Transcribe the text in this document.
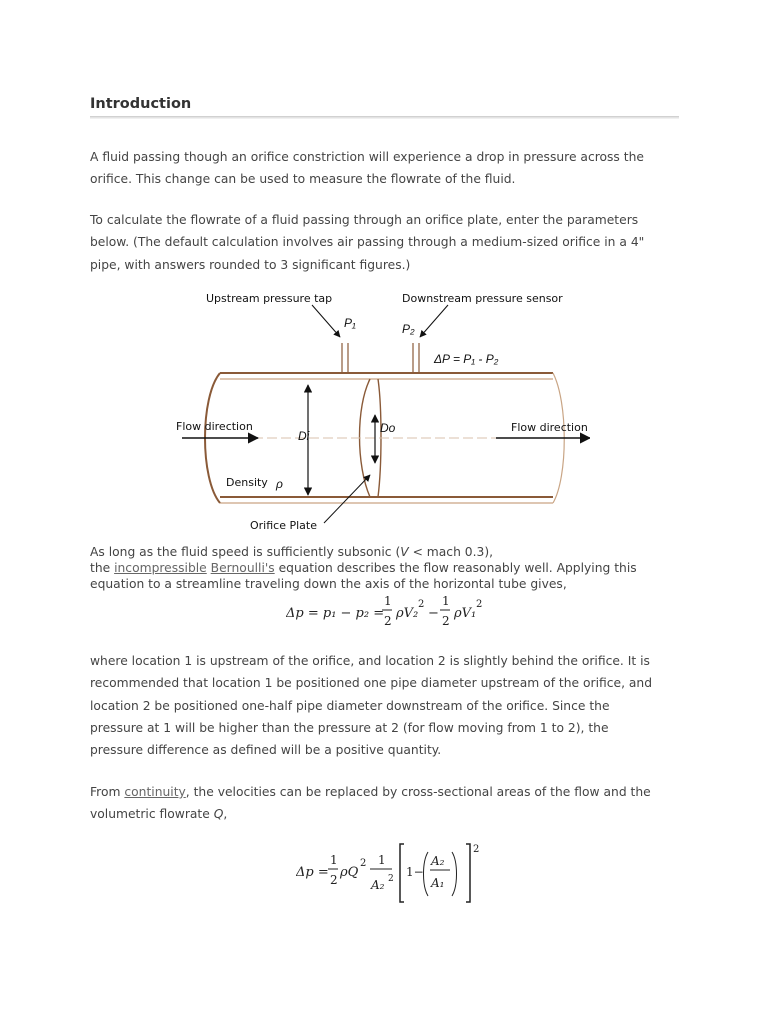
Introduction

A fluid passing though an orifice constriction will experience a drop in pressure across the
orifice. This change can be used to measure the flowrate of the fluid.

To calculate the flowrate of a fluid passing through an orifice plate, enter the parameters
below. (The default calculation involves air passing through a medium-sized orifice in a 4"
pipe, with answers rounded to 3 significant figures.)

Upstream pressure tap	Downstream pressure sensor
P₁	P₂
ΔP = P₁ - P₂
Flow direction	Flow direction
Di
Do
Density ρ
Orifice Plate

As long as the fluid speed is sufficiently subsonic (V < mach 0.3),
the incompressible Bernoulli's equation describes the flow reasonably well. Applying this
equation to a streamline traveling down the axis of the horizontal tube gives,

Δp = p₁ − p₂ =
1
2 ρV₂
2
−
1
2 ρV₁
2

where location 1 is upstream of the orifice, and location 2 is slightly behind the orifice. It is
recommended that location 1 be positioned one pipe diameter upstream of the orifice, and
location 2 be positioned one-half pipe diameter downstream of the orifice. Since the
pressure at 1 will be higher than the pressure at 2 (for flow moving from 1 to 2), the
pressure difference as defined will be a positive quantity.

From continuity, the velocities can be replaced by cross-sectional areas of the flow and the
volumetric flowrate Q,

Δp =
1
2 ρQ
2 1
A₂ 2 1−
A₂
A₁
2
